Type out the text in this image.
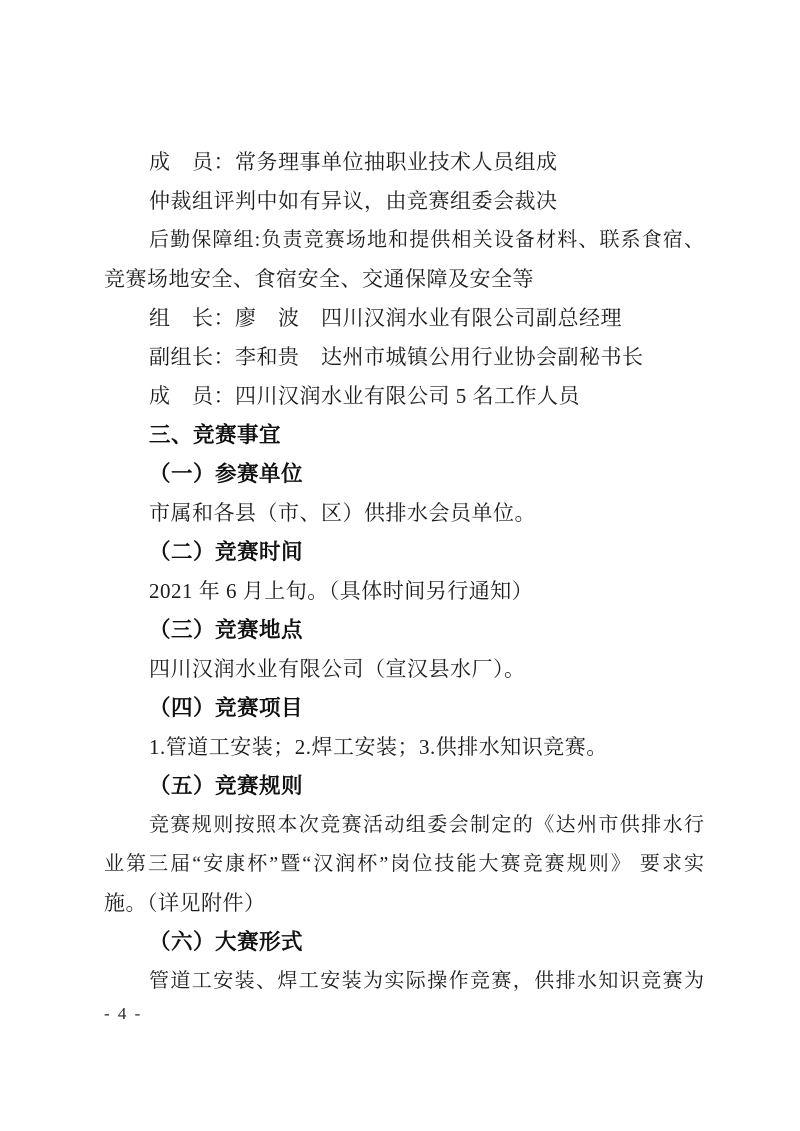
成　员：常务理事单位抽职业技术人员组成
仲裁组评判中如有异议，由竞赛组委会裁决
后勤保障组:负责竞赛场地和提供相关设备材料、联系食宿、
竞赛场地安全、食宿安全、交通保障及安全等
组　长：廖　波　四川汉润水业有限公司副总经理
副组长：李和贵　达州市城镇公用行业协会副秘书长
成　员：四川汉润水业有限公司 5 名工作人员
三、竞赛事宜
（一）参赛单位
市属和各县（市、区）供排水会员单位。
（二）竞赛时间
2021 年 6 月上旬。（具体时间另行通知）
（三）竞赛地点
四川汉润水业有限公司（宣汉县水厂）。
（四）竞赛项目
1.管道工安装；2.焊工安装；3.供排水知识竞赛。
（五）竞赛规则
竞赛规则按照本次竞赛活动组委会制定的《达州市供排水行
业第三届“安康杯”暨“汉润杯”岗位技能大赛竞赛规则》 要求实
施。（详见附件）
（六）大赛形式
管道工安装、焊工安装为实际操作竞赛，供排水知识竞赛为
- 4 -
